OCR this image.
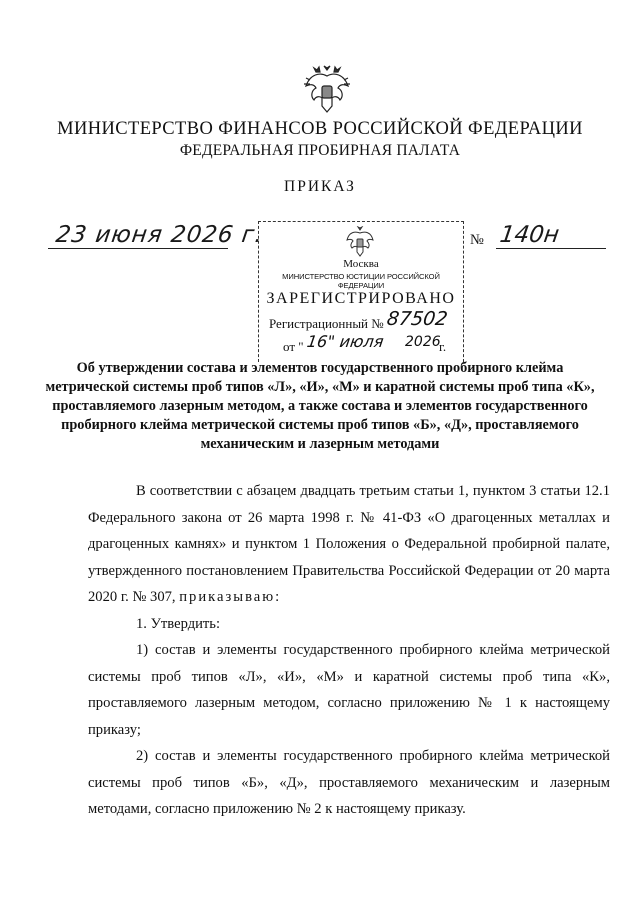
МИНИСТЕРСТВО ФИНАНСОВ РОССИЙСКОЙ ФЕДЕРАЦИИ
ФЕДЕРАЛЬНАЯ ПРОБИРНАЯ ПАЛАТА
ПРИКАЗ
23 июня 2026 г.	№ 140н
Москва
МИНИСТЕРСТВО ЮСТИЦИИ РОССИЙСКОЙ ФЕДЕРАЦИИ
ЗАРЕГИСТРИРОВАНО
Регистрационный № 87502
от " 16" июля 2026
г.
Об утверждении состава и элементов государственного пробирного клейма метрической системы проб типов «Л», «И», «М» и каратной системы проб типа «К», проставляемого лазерным методом, а также состава и элементов государственного пробирного клейма метрической системы проб типов «Б», «Д», проставляемого механическим и лазерным методами

В соответствии с абзацем двадцать третьим статьи 1, пунктом 3 статьи 12.1 Федерального закона от 26 марта 1998 г. № 41-ФЗ «О драгоценных металлах и драгоценных камнях» и пунктом 1 Положения о Федеральной пробирной палате, утвержденного постановлением Правительства Российской Федерации от 20 марта 2020 г. № 307, приказываю:

1. Утвердить:

1) состав и элементы государственного пробирного клейма метрической системы проб типов «Л», «И», «М» и каратной системы проб типа «К», проставляемого лазерным методом, согласно приложению № 1 к настоящему приказу;

2) состав и элементы государственного пробирного клейма метрической системы проб типов «Б», «Д», проставляемого механическим и лазерным методами, согласно приложению № 2 к настоящему приказу.
